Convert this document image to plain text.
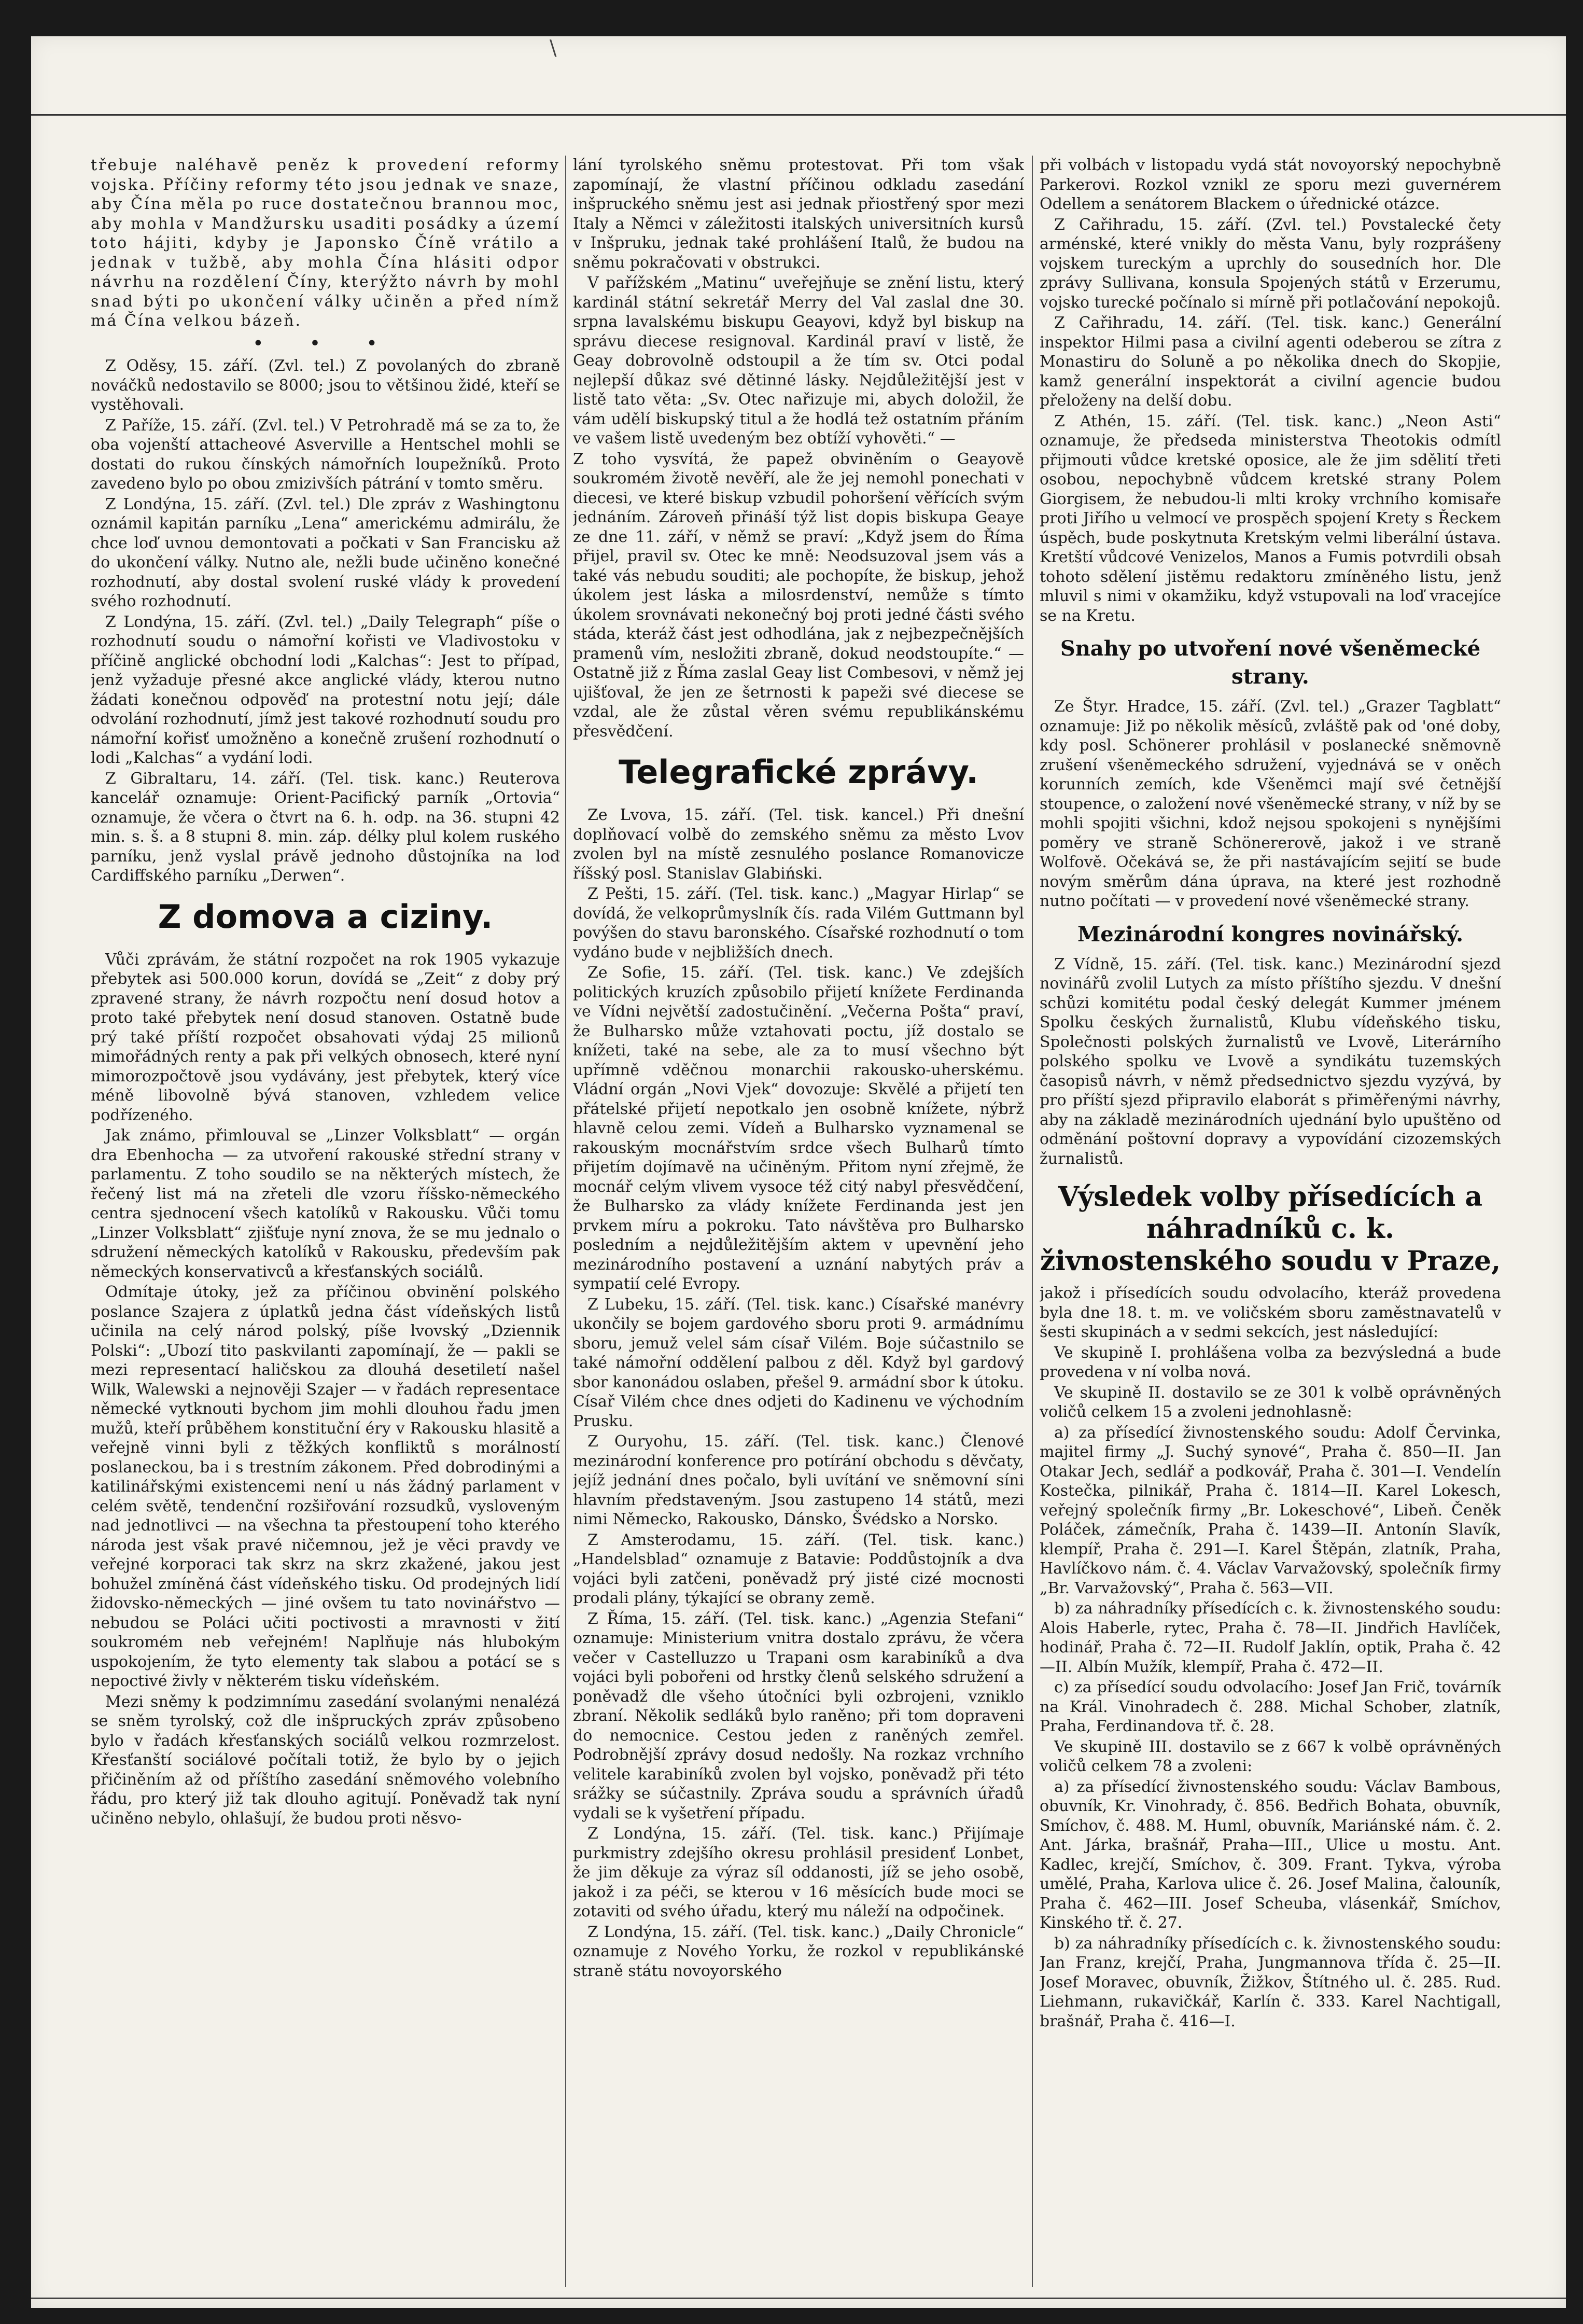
\

třebuje naléhavě peněz k provedení reformy vojska. Příčiny reformy této jsou jednak ve snaze, aby Čína měla po ruce dostatečnou brannou moc, aby mohla v Mandžursku usaditi posádky a území toto hájiti, kdyby je Japonsko Číně vrátilo a jednak v tužbě, aby mohla Čína hlásiti odpor návrhu na rozdělení Číny, kterýžto návrh by mohl snad býti po ukončení války učiněn a před nímž má Čína velkou bázeň.

• • •

Z Oděsy, 15. září. (Zvl. tel.) Z povolaných do zbraně nováčků nedostavilo se 8000; jsou to většinou židé, kteří se vystěhovali.

Z Paříže, 15. září. (Zvl. tel.) V Petrohradě má se za to, že oba vojenští attacheové Asverville a Hentschel mohli se dostati do rukou čínských námořních loupežníků. Proto zavedeno bylo po obou zmizivších pátrání v tomto směru.

Z Londýna, 15. září. (Zvl. tel.) Dle zpráv z Washingtonu oznámil kapitán parníku „Lena“ americkému admirálu, že chce loď uvnou demontovati a počkati v San Francisku až do ukončení války. Nutno ale, nežli bude učiněno konečné rozhodnutí, aby dostal svolení ruské vlády k provedení svého rozhodnutí.

Z Londýna, 15. září. (Zvl. tel.) „Daily Telegraph“ píše o rozhodnutí soudu o námořní kořisti ve Vladivostoku v příčině anglické obchodní lodi „Kalchas“: Jest to případ, jenž vyžaduje přesné akce anglické vlády, kterou nutno žádati konečnou odpověď na protestní notu její; dále odvolání rozhodnutí, jímž jest takové rozhodnutí soudu pro námořní kořisť umožněno a konečně zrušení rozhodnutí o lodi „Kalchas“ a vydání lodi.

Z Gibraltaru, 14. září. (Tel. tisk. kanc.) Reuterova kancelář oznamuje: Orient-Pacifický parník „Ortovia“ oznamuje, že včera o čtvrt na 6. h. odp. na 36. stupni 42 min. s. š. a 8 stupni 8. min. záp. délky plul kolem ruského parníku, jenž vyslal právě jednoho důstojníka na loď Cardiffského parníku „Derwen“.

Z domova a ciziny.

Vůči zprávám, že státní rozpočet na rok 1905 vykazuje přebytek asi 500.000 korun, dovídá se „Zeit“ z doby prý zpravené strany, že návrh rozpočtu není dosud hotov a proto také přebytek není dosud stanoven. Ostatně bude prý také příští rozpočet obsahovati výdaj 25 milionů mimořádných renty a pak při velkých obnosech, které nyní mimorozpočtově jsou vydávány, jest přebytek, který více méně libovolně bývá stanoven, vzhledem velice podřízeného.

Jak známo, přimlouval se „Linzer Volksblatt“ — orgán dra Ebenhocha — za utvoření rakouské střední strany v parlamentu. Z toho soudilo se na některých místech, že řečený list má na zřeteli dle vzoru říšsko-německého centra sjednocení všech katolíků v Rakousku. Vůči tomu „Linzer Volksblatt“ zjišťuje nyní znova, že se mu jednalo o sdružení německých katolíků v Rakousku, především pak německých konservativců a křesťanských sociálů.

Odmítaje útoky, jež za příčinou obvinění polského poslance Szajera z úplatků jedna část vídeňských listů učinila na celý národ polský, píše lvovský „Dziennik Polski“: „Ubozí tito paskvilanti zapomínají, že — pakli se mezi representací haličskou za dlouhá desetiletí našel Wilk, Walewski a nejnověji Szajer — v řadách representace německé vytknouti bychom jim mohli dlouhou řadu jmen mužů, kteří průběhem konstituční éry v Rakousku hlasitě a veřejně vinni byli z těžkých konfliktů s morálností poslaneckou, ba i s trestním zákonem. Před dobrodinými a katilinářskými existencemi není u nás žádný parlament v celém světě, tendenční rozšiřování rozsudků, vysloveným nad jednotlivci — na všechna ta přestoupení toho kterého národa jest však pravé ničemnou, jež je věci pravdy ve veřejné korporaci tak skrz na skrz zkažené, jakou jest bohužel zmíněná část vídeňského tisku. Od prodejných lidí židovsko-německých — jiné ovšem tu tato novinářstvo — nebudou se Poláci učiti poctivosti a mravnosti v žití soukromém neb veřejném! Naplňuje nás hlubokým uspokojením, že tyto elementy tak slabou a potácí se s nepoctivé živly v některém tisku vídeňském.

Mezi sněmy k podzimnímu zasedání svolanými nenalézá se sněm tyrolský, což dle inšpruckých zpráv způsobeno bylo v řadách křesťanských sociálů velkou rozmrzelost. Křesťanští sociálové počítali totiž, že bylo by o jejich přičiněním až od příštího zasedání sněmového volebního řádu, pro který již tak dlouho agitují. Poněvadž tak nyní učiněno nebylo, ohlašují, že budou proti něsvo-

lání tyrolského sněmu protestovat. Při tom však zapomínají, že vlastní příčinou odkladu zasedání inšpruckého sněmu jest asi jednak přiostřený spor mezi Italy a Němci v záležitosti italských universitních kursů v Inšpruku, jednak také prohlášení Italů, že budou na sněmu pokračovati v obstrukci.

V pařížském „Matinu“ uveřejňuje se znění listu, který kardinál státní sekretář Merry del Val zaslal dne 30. srpna lavalskému biskupu Geayovi, když byl biskup na správu diecese resignoval. Kardinál praví v listě, že Geay dobrovolně odstoupil a že tím sv. Otci podal nejlepší důkaz své dětinné lásky. Nejdůležitější jest v listě tato věta: „Sv. Otec nařizuje mi, abych doložil, že vám udělí biskupský titul a že hodlá tež ostatním přáním ve vašem listě uvedeným bez obtíží vyhověti.“ —

Z toho vysvítá, že papež obviněním o Geayově soukromém životě nevěří, ale že jej nemohl ponechati v diecesi, ve které biskup vzbudil pohoršení věřících svým jednáním. Zároveň přináší týž list dopis biskupa Geaye ze dne 11. září, v němž se praví: „Když jsem do Říma přijel, pravil sv. Otec ke mně: Neodsuzoval jsem vás a také vás nebudu souditi; ale pochopíte, že biskup, jehož úkolem jest láska a milosrdenství, nemůže s tímto úkolem srovnávati nekonečný boj proti jedné části svého stáda, kteráž část jest odhodlána, jak z nejbezpečnějších pramenů vím, nesložiti zbraně, dokud neodstoupíte.“ — Ostatně již z Říma zaslal Geay list Combesovi, v němž jej ujišťoval, že jen ze šetrnosti k papeži své diecese se vzdal, ale že zůstal věren svému republikánskému přesvědčení.

Telegrafické zprávy.

Ze Lvova, 15. září. (Tel. tisk. kancel.) Při dnešní doplňovací volbě do zemského sněmu za město Lvov zvolen byl na místě zesnulého poslance Romanovicze říšský posl. Stanislav Glabiński.

Z Pešti, 15. září. (Tel. tisk. kanc.) „Magyar Hirlap“ se dovídá, že velkoprůmyslník čís. rada Vilém Guttmann byl povýšen do stavu baronského. Císařské rozhodnutí o tom vydáno bude v nejbližších dnech.

Ze Sofie, 15. září. (Tel. tisk. kanc.) Ve zdejších politických kruzích způsobilo přijetí knížete Ferdinanda ve Vídni největší zadostučinění. „Večerna Pošta“ praví, že Bulharsko může vztahovati poctu, jíž dostalo se knížeti, také na sebe, ale za to musí všechno být upřímně vděčnou monarchii rakousko-uherskému. Vládní orgán „Novi Vjek“ dovozuje: Skvělé a přijetí ten přátelské přijetí nepotkalo jen osobně knížete, nýbrž hlavně celou zemi. Vídeň a Bulharsko vyznamenal se rakouským mocnářstvím srdce všech Bulharů tímto přijetím dojímavě na učiněným. Přitom nyní zřejmě, že mocnář celým vlivem vysoce též citý nabyl přesvědčení, že Bulharsko za vlády knížete Ferdinanda jest jen prvkem míru a pokroku. Tato návštěva pro Bulharsko posledním a nejdůležitějším aktem v upevnění jeho mezinárodního postavení a uznání nabytých práv a sympatií celé Evropy.

Z Lubeku, 15. září. (Tel. tisk. kanc.) Císařské manévry ukončily se bojem gardového sboru proti 9. armádnímu sboru, jemuž velel sám císař Vilém. Boje súčastnilo se také námořní oddělení palbou z děl. Když byl gardový sbor kanonádou oslaben, přešel 9. armádní sbor k útoku. Císař Vilém chce dnes odjeti do Kadinenu ve východním Prusku.

Z Ouryohu, 15. září. (Tel. tisk. kanc.) Členové mezinárodní konference pro potírání obchodu s děvčaty, jejíž jednání dnes počalo, byli uvítání ve sněmovní síni hlavním představeným. Jsou zastupeno 14 států, mezi nimi Německo, Rakousko, Dánsko, Švédsko a Norsko.

Z Amsterodamu, 15. září. (Tel. tisk. kanc.) „Handelsblad“ oznamuje z Batavie: Poddůstojník a dva vojáci byli zatčeni, poněvadž prý jisté cizé mocnosti prodali plány, týkající se obrany země.

Z Říma, 15. září. (Tel. tisk. kanc.) „Agenzia Stefani“ oznamuje: Ministerium vnitra dostalo zprávu, že včera večer v Castelluzzo u Trapani osm karabiníků a dva vojáci byli pobořeni od hrstky členů selského sdružení a poněvadž dle všeho útočníci byli ozbrojeni, vzniklo zbraní. Několik sedláků bylo raněno; při tom dopraveni do nemocnice. Cestou jeden z raněných zemřel. Podrobnější zprávy dosud nedošly. Na rozkaz vrchního velitele karabiníků zvolen byl vojsko, poněvadž při této srážky se súčastnily. Zpráva soudu a správních úřadů vydali se k vyšetření případu.

Z Londýna, 15. září. (Tel. tisk. kanc.) Přijímaje purkmistry zdejšího okresu prohlásil presidenť Lonbet, že jim děkuje za výraz síl oddanosti, jíž se jeho osobě, jakož i za péči, se kterou v 16 měsících bude moci se zotaviti od svého úřadu, který mu náleží na odpočinek.

Z Londýna, 15. září. (Tel. tisk. kanc.) „Daily Chronicle“ oznamuje z Nového Yorku, že rozkol v republikánské straně státu novoyorského

při volbách v listopadu vydá stát novoyorský nepochybně Parkerovi. Rozkol vznikl ze sporu mezi guvernérem Odellem a senátorem Blackem o úřednické otázce.

Z Cařihradu, 15. září. (Zvl. tel.) Povstalecké čety arménské, které vnikly do města Vanu, byly rozprášeny vojskem tureckým a uprchly do sousedních hor. Dle zprávy Sullivana, konsula Spojených států v Erzerumu, vojsko turecké počínalo si mírně při potlačování nepokojů.

Z Cařihradu, 14. září. (Tel. tisk. kanc.) Generální inspektor Hilmi pasa a civilní agenti odeberou se zítra z Monastiru do Soluně a po několika dnech do Skopjie, kamž generální inspektorát a civilní agencie budou přeloženy na delší dobu.

Z Athén, 15. září. (Tel. tisk. kanc.) „Neon Asti“ oznamuje, že předseda ministerstva Theotokis odmítl přijmouti vůdce kretské oposice, ale že jim sdělití třeti osobou, nepochybně vůdcem kretské strany Polem Giorgisem, že nebudou-li mlti kroky vrchního komisaře proti Jiřího u velmocí ve prospěch spojení Krety s Řeckem úspěch, bude poskytnuta Kretským velmi liberální ústava. Kretští vůdcové Venizelos, Manos a Fumis potvrdili obsah tohoto sdělení jistěmu redaktoru zmíněného listu, jenž mluvil s nimi v okamžiku, když vstupovali na loď vracejíce se na Kretu.

Snahy po utvoření nové všeněmecké strany.

Ze Štyr. Hradce, 15. září. (Zvl. tel.) „Grazer Tagblatt“ oznamuje: Již po několik měsíců, zvláště pak od 'oné doby, kdy posl. Schönerer prohlásil v poslanecké sněmovně zrušení všeněmeckého sdružení, vyjednává se v oněch korunních zemích, kde Všeněmci mají své četnější stoupence, o založení nové všeněmecké strany, v níž by se mohli spojiti všichni, kdož nejsou spokojeni s nynějšími poměry ve straně Schönererově, jakož i ve straně Wolfově. Očekává se, že při nastávajícím sejití se bude novým směrům dána úprava, na které jest rozhodně nutno počítati — v provedení nové všeněmecké strany.

Mezinárodní kongres novinářský.

Z Vídně, 15. září. (Tel. tisk. kanc.) Mezinárodní sjezd novinářů zvolil Lutych za místo příštího sjezdu. V dnešní schůzi komitétu podal český delegát Kummer jménem Spolku českých žurnalistů, Klubu vídeňského tisku, Společnosti polských žurnalistů ve Lvově, Literárního polského spolku ve Lvově a syndikátu tuzemských časopisů návrh, v němž předsednictvo sjezdu vyzývá, by pro příští sjezd připravilo elaborát s přiměřenými návrhy, aby na základě mezinárodních ujednání bylo upuštěno od odměnání poštovní dopravy a vypovídání cizozemských žurnalistů.

Výsledek volby přísedících a náhradníků c. k. živnostenského soudu v Praze,

jakož i přísedících soudu odvolacího, kteráž provedena byla dne 18. t. m. ve voličském sboru zaměstnavatelů v šesti skupinách a v sedmi sekcích, jest následující:

Ve skupině I. prohlášena volba za bezvýsledná a bude provedena v ní volba nová.

Ve skupině II. dostavilo se ze 301 k volbě oprávněných voličů celkem 15 a zvoleni jednohlasně:

a) za přísedící živnostenského soudu: Adolf Červinka, majitel firmy „J. Suchý synové“, Praha č. 850—II. Jan Otakar Jech, sedlář a podkovář, Praha č. 301—I. Vendelín Kostečka, pilnikář, Praha č. 1814—II. Karel Lokesch, veřejný společník firmy „Br. Lokeschové“, Libeň. Čeněk Poláček, zámečník, Praha č. 1439—II. Antonín Slavík, klempíř, Praha č. 291—I. Karel Štěpán, zlatník, Praha, Havlíčkovo nám. č. 4. Václav Varvažovský, společník firmy „Br. Varvažovský“, Praha č. 563—VII.

b) za náhradníky přísedících c. k. živnostenského soudu: Alois Haberle, rytec, Praha č. 78—II. Jindřich Havlíček, hodinář, Praha č. 72—II. Rudolf Jaklín, optik, Praha č. 42—II. Albín Mužík, klempíř, Praha č. 472—II.

c) za přísedící soudu odvolacího: Josef Jan Frič, továrník na Král. Vinohradech č. 288. Michal Schober, zlatník, Praha, Ferdinandova tř. č. 28.

Ve skupině III. dostavilo se z 667 k volbě oprávněných voličů celkem 78 a zvoleni:

a) za přísedící živnostenského soudu: Václav Bambous, obuvník, Kr. Vinohrady, č. 856. Bedřich Bohata, obuvník, Smíchov, č. 488. M. Huml, obuvník, Mariánské nám. č. 2. Ant. Járka, brašnář, Praha—III., Ulice u mostu. Ant. Kadlec, krejčí, Smíchov, č. 309. Frant. Tykva, výroba umělé, Praha, Karlova ulice č. 26. Josef Malina, čalouník, Praha č. 462—III. Josef Scheuba, vlásenkář, Smíchov, Kinského tř. č. 27.

b) za náhradníky přísedících c. k. živnostenského soudu: Jan Franz, krejčí, Praha, Jungmannova třída č. 25—II. Josef Moravec, obuvník, Žižkov, Štítného ul. č. 285. Rud. Liehmann, rukavičkář, Karlín č. 333. Karel Nachtigall, brašnář, Praha č. 416—I.
